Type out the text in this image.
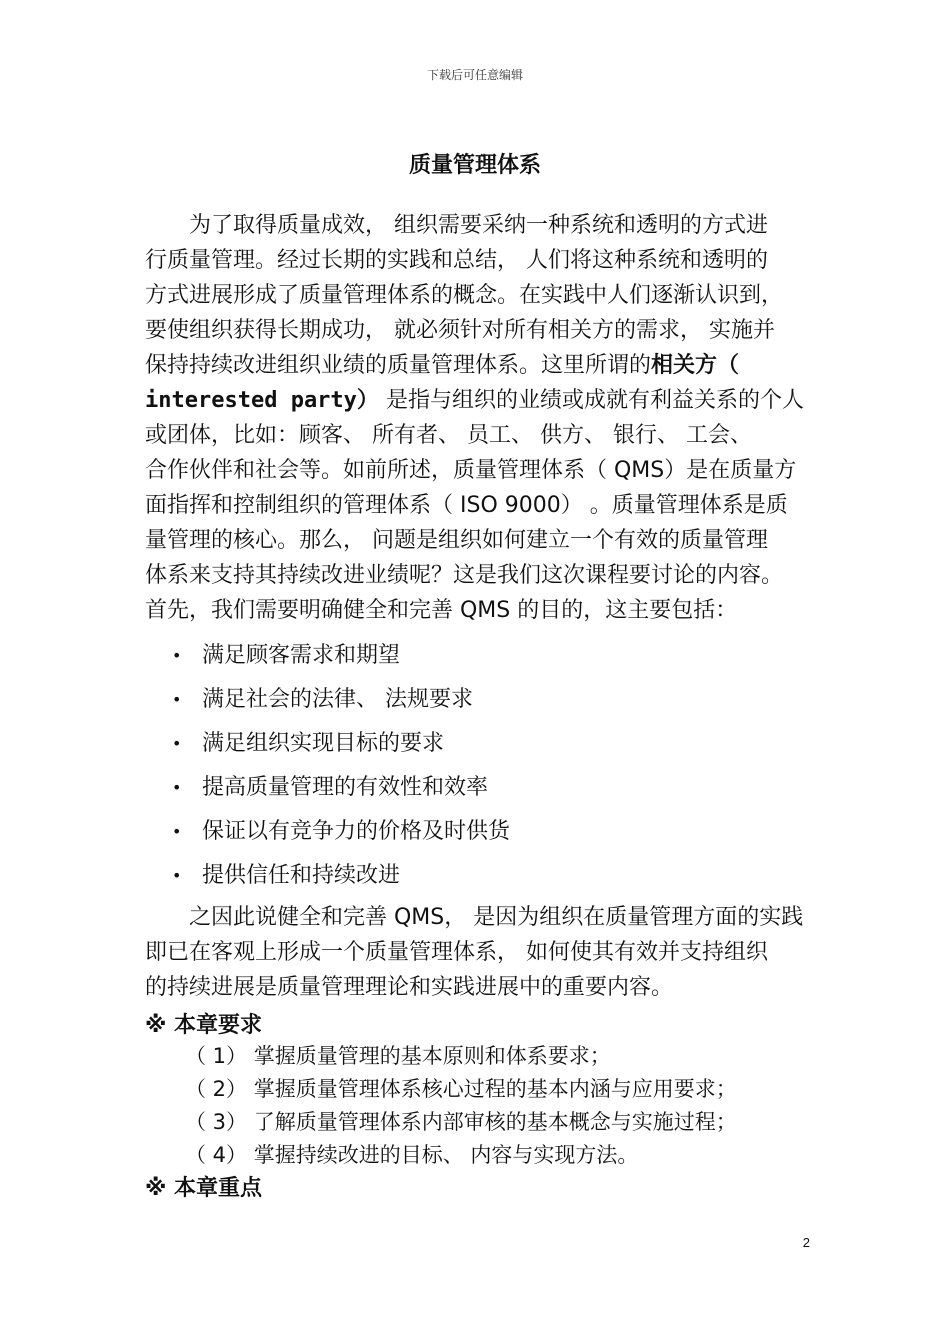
下载后可任意编辑
质量管理体系

为了取得质量成效， 组织需要采纳一种系统和透明的方式进
行质量管理。经过长期的实践和总结， 人们将这种系统和透明的
方式进展形成了质量管理体系的概念。在实践中人们逐渐认识到，
要使组织获得长期成功， 就必须针对所有相关方的需求， 实施并
保持持续改进组织业绩的质量管理体系。这里所谓的相关方（
interested party） 是指与组织的业绩或成就有利益关系的个人
或团体，比如：顾客、 所有者、 员工、 供方、 银行、 工会、
合作伙伴和社会等。如前所述，质量管理体系（ QMS）是在质量方
面指挥和控制组织的管理体系（ ISO 9000） 。质量管理体系是质
量管理的核心。那么， 问题是组织如何建立一个有效的质量管理
体系来支持其持续改进业绩呢？这是我们这次课程要讨论的内容。
首先，我们需要明确健全和完善 QMS 的目的，这主要包括：

• 满足顾客需求和期望
• 满足社会的法律、 法规要求
• 满足组织实现目标的要求
• 提高质量管理的有效性和效率
• 保证以有竞争力的价格及时供货
• 提供信任和持续改进

之因此说健全和完善 QMS， 是因为组织在质量管理方面的实践
即已在客观上形成一个质量管理体系， 如何使其有效并支持组织
的持续进展是质量管理理论和实践进展中的重要内容。

※ 本章要求
（ 1） 掌握质量管理的基本原则和体系要求；
（ 2） 掌握质量管理体系核心过程的基本内涵与应用要求；
（ 3） 了解质量管理体系内部审核的基本概念与实施过程；
（ 4） 掌握持续改进的目标、 内容与实现方法。
※ 本章重点
2
